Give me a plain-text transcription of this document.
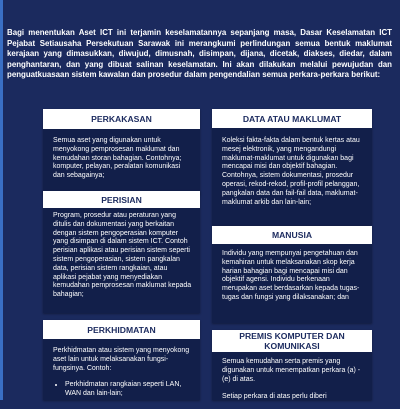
Bagi menentukan Aset ICT ini terjamin keselamatannya sepanjang masa, Dasar Keselamatan ICT Pejabat Setiausaha Persekutuan Sarawak ini merangkumi perlindungan semua bentuk maklumat kerajaan yang dimasukkan, diwujud, dimusnah, disimpan, dijana, dicetak, diakses, diedar, dalam penghantaran, dan yang dibuat salinan keselamatan. Ini akan dilakukan melalui pewujudan dan penguatkuasaan sistem kawalan dan prosedur dalam pengendalian semua perkara-perkara berikut:
PERKAKASAN
Semua aset yang digunakan untuk menyokong pemprosesan maklumat dan kemudahan storan bahagian. Contohnya; komputer, pelayan, peralatan komunikasi dan sebagainya;
PERISIAN
Program, prosedur atau peraturan yang ditulis dan dokumentasi yang berkaitan dengan sistem pengoperasian komputer yang disimpan di dalam sistem ICT. Contoh perisian aplikasi atau perisian sistem seperti sistem pengoperasian, sistem pangkalan data, perisian sistem rangkaian, atau aplikasi pejabat yang menyediakan kemudahan pemprosesan maklumat kepada bahagian;
PERKHIDMATAN
Perkhidmatan atau sistem yang menyokong aset lain untuk melaksanakan fungsi-fungsinya. Contoh:
• Perkhidmatan rangkaian seperti LAN, WAN dan lain-lain;
DATA ATAU MAKLUMAT
Koleksi fakta-fakta dalam bentuk kertas atau mesej elektronik, yang mengandungi maklumat-maklumat untuk digunakan bagi mencapai misi dan objektif bahagian. Contohnya, sistem dokumentasi, prosedur operasi, rekod-rekod, profil-profil pelanggan, pangkalan data dan fail-fail data, maklumat-maklumat arkib dan lain-lain;
MANUSIA
Individu yang mempunyai pengetahuan dan kemahiran untuk melaksanakan skop kerja harian bahagian bagi mencapai misi dan objektif agensi. Individu berkenaan merupakan aset berdasarkan kepada tugas-tugas dan fungsi yang dilaksanakan; dan
PREMIS KOMPUTER DAN KOMUNIKASI
Semua kemudahan serta premis yang digunakan untuk menempatkan perkara (a) - (e) di atas.
Setiap perkara di atas perlu diberi
